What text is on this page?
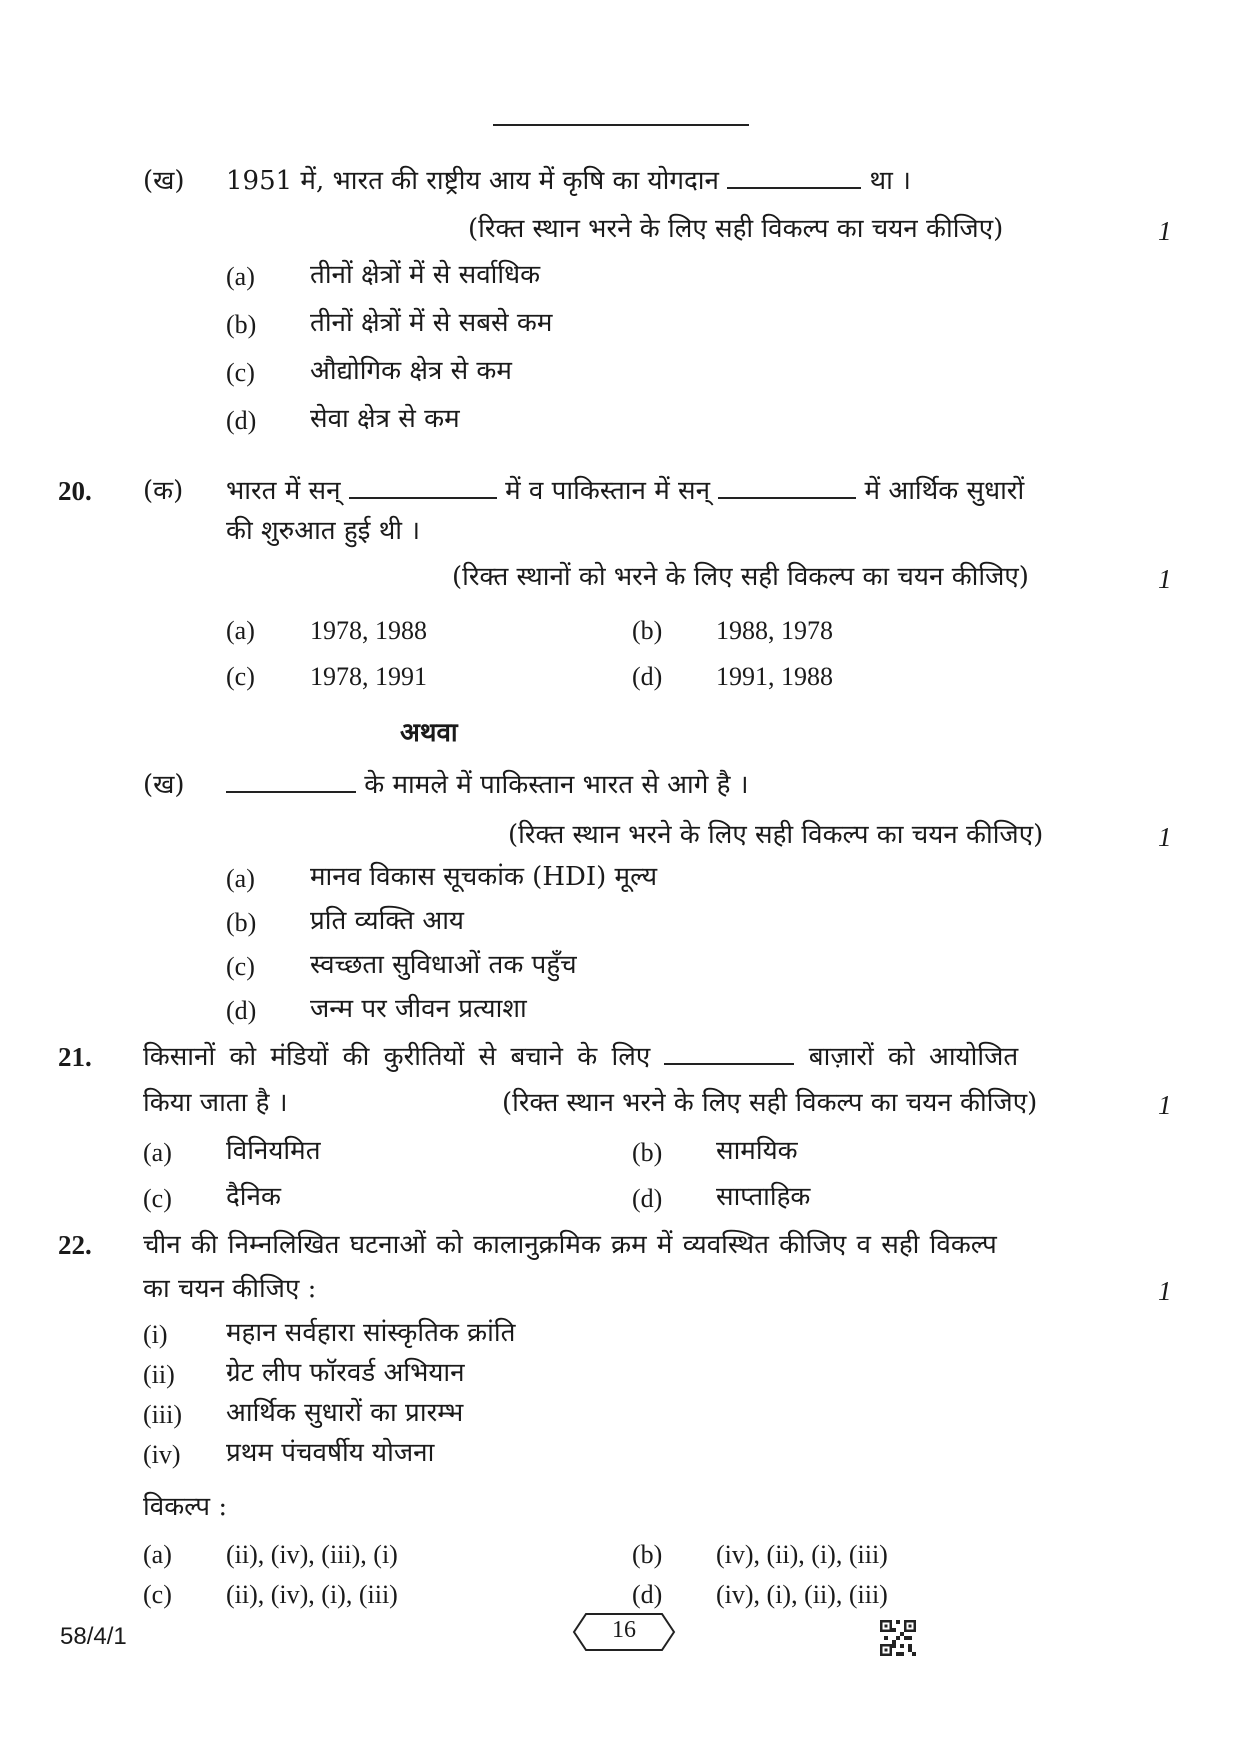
(ख) 1951 में, भारत की राष्ट्रीय आय में कृषि का योगदान	था ।
(रिक्त स्थान भरने के लिए सही विकल्प का चयन कीजिए)	1
(a) तीनों क्षेत्रों में से सर्वाधिक
(b) तीनों क्षेत्रों में से सबसे कम
(c) औद्योगिक क्षेत्र से कम
(d) सेवा क्षेत्र से कम
20. (क) भारत में सन्	में व पाकिस्तान में सन्	में आर्थिक सुधारों
की शुरुआत हुई थी ।
(रिक्त स्थानों को भरने के लिए सही विकल्प का चयन कीजिए)	1
(a) 1978, 1988	(b) 1988, 1978
(c) 1978, 1991	(d) 1991, 1988
अथवा
(ख)	के मामले में पाकिस्तान भारत से आगे है ।
(रिक्त स्थान भरने के लिए सही विकल्प का चयन कीजिए)	1
(a) मानव विकास सूचकांक (HDI) मूल्य
(b) प्रति व्यक्ति आय
(c) स्वच्छता सुविधाओं तक पहुँच
(d) जन्म पर जीवन प्रत्याशा
21. किसानों को मंडियों की कुरीतियों से बचाने के लिए	बाज़ारों को आयोजित
किया जाता है ।	(रिक्त स्थान भरने के लिए सही विकल्प का चयन कीजिए)	1
(a) विनियमित	(b) सामयिक
(c) दैनिक	(d) साप्ताहिक
22. चीन की निम्नलिखित घटनाओं को कालानुक्रमिक क्रम में व्यवस्थित कीजिए व सही विकल्प
का चयन कीजिए :	1
(i) महान सर्वहारा सांस्कृतिक क्रांति
(ii) ग्रेट लीप फॉरवर्ड अभियान
(iii) आर्थिक सुधारों का प्रारम्भ
(iv) प्रथम पंचवर्षीय योजना
विकल्प :
(a) (ii), (iv), (iii), (i)	(b) (iv), (ii), (i), (iii)
(c) (ii), (iv), (i), (iii)	(d) (iv), (i), (ii), (iii)
58/4/1	16
